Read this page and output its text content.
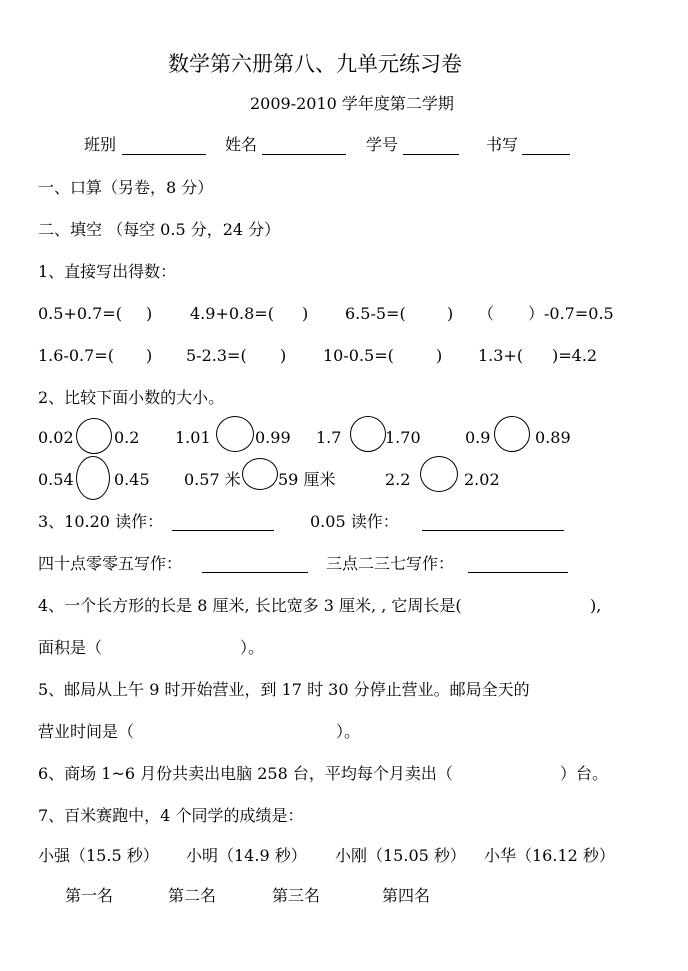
数学第六册第八、九单元练习卷
2009-2010 学年度第二学期
班别	姓名	学号	书写
一、口算（另卷，8 分）
二、填空 （每空 0.5 分，24 分）
1、直接写出得数：
0.5+0.7=( ) 4.9+0.8=( ) 6.5-5=(	) （ ）-0.7=0.5
1.6-0.7=( ) 5-2.3=( ) 10-0.5=(	) 1.3+( )=4.2
2、比较下面小数的大小。
0.02	0.2 1.01	0.99 1.7	1.70	0.9	0.89
0.54	0.45 0.57 米 59 厘米	2.2	2.02
3、10.20 读作：	0.05 读作：
四十点零零五写作：	三点二三七写作：
4、一个长方形的长是 8 厘米, 长比宽多 3 厘米, , 它周长是(	),
面积是（	）。
5、邮局从上午 9 时开始营业，到 17 时 30 分停止营业。邮局全天的
营业时间是（	）。
6、商场 1~6 月份共卖出电脑 258 台，平均每个月卖出（	）台。
7、百米赛跑中，4 个同学的成绩是：
小强（15.5 秒） 小明（14.9 秒） 小刚（15.05 秒） 小华（16.12 秒）
第一名	第二名	第三名	第四名
